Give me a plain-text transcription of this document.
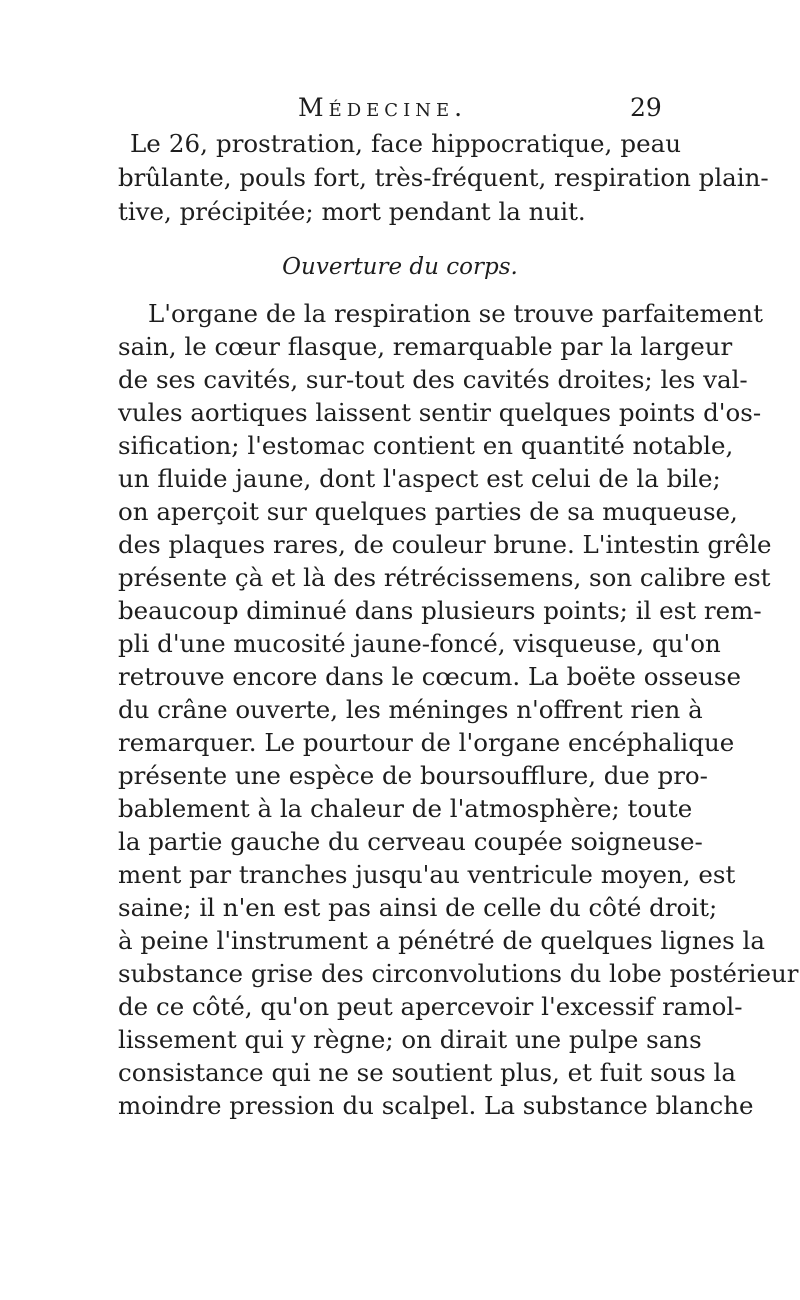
Médecine.	29
Le 26, prostration, face hippocratique, peau
brûlante, pouls fort, très-fréquent, respiration plain-
tive, précipitée; mort pendant la nuit.
Ouverture du corps.
L'organe de la respiration se trouve parfaitement
sain, le cœur flasque, remarquable par la largeur
de ses cavités, sur-tout des cavités droites; les val-
vules aortiques laissent sentir quelques points d'os-
sification; l'estomac contient en quantité notable,
un fluide jaune, dont l'aspect est celui de la bile;
on aperçoit sur quelques parties de sa muqueuse,
des plaques rares, de couleur brune. L'intestin grêle
présente çà et là des rétrécissemens, son calibre est
beaucoup diminué dans plusieurs points; il est rem-
pli d'une mucosité jaune-foncé, visqueuse, qu'on
retrouve encore dans le cœcum. La boëte osseuse
du crâne ouverte, les méninges n'offrent rien à
remarquer. Le pourtour de l'organe encéphalique
présente une espèce de boursoufflure, due pro-
bablement à la chaleur de l'atmosphère; toute
la partie gauche du cerveau coupée soigneuse-
ment par tranches jusqu'au ventricule moyen, est
saine; il n'en est pas ainsi de celle du côté droit;
à peine l'instrument a pénétré de quelques lignes la
substance grise des circonvolutions du lobe postérieur
de ce côté, qu'on peut apercevoir l'excessif ramol-
lissement qui y règne; on dirait une pulpe sans
consistance qui ne se soutient plus, et fuit sous la
moindre pression du scalpel. La substance blanche
